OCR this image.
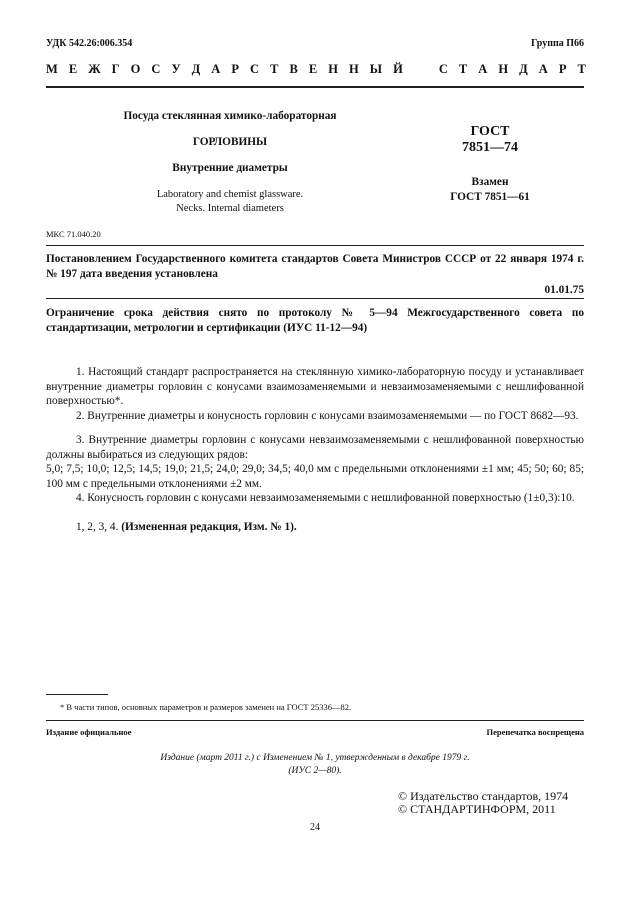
УДК 542.26:006.354	Группа П66
М Е Ж Г О С У Д А Р С Т В Е Н Н Ы Й	С Т А Н Д А Р Т
Посуда стеклянная химико-лабораторная
ГОРЛОВИНЫ
Внутренние диаметры
Laboratory and chemist glassware.
Necks. Internal diameters
ГОСТ
7851—74
Взамен
ГОСТ 7851—61
МКС 71.040.20
Постановлением Государственного комитета стандартов Совета Министров СССР от 22 января 1974 г. № 197 дата введения установлена
01.01.75
Ограничение срока действия снято по протоколу № 5—94 Межгосударственного совета по стандартизации, метрологии и сертификации (ИУС 11-12—94)
1. Настоящий стандарт распространяется на стеклянную химико-лабораторную посуду и устанавливает внутренние диаметры горловин с конусами взаимозаменяемыми и невзаимозаменяемыми с нешлифованной поверхностью*.
2. Внутренние диаметры и конусность горловин с конусами взаимозаменяемыми — по ГОСТ 8682—93.
3. Внутренние диаметры горловин с конусами невзаимозаменяемыми с нешлифованной поверхностью должны выбираться из следующих рядов:
5,0; 7,5; 10,0; 12,5; 14,5; 19,0; 21,5; 24,0; 29,0; 34,5; 40,0 мм с предельными отклонениями ±1 мм; 45; 50; 60; 85; 100 мм с предельными отклонениями ±2 мм.
4. Конусность горловин с конусами невзаимозаменяемыми с нешлифованной поверхностью (1±0,3):10.
1, 2, 3, 4. (Измененная редакция, Изм. № 1).
* В части типов, основных параметров и размеров заменен на ГОСТ 25336—82.
Издание официальное	Перепечатка воспрещена
Издание (март 2011 г.) с Изменением № 1, утвержденным в декабре 1979 г.
(ИУС 2—80).
© Издательство стандартов, 1974
© СТАНДАРТИНФОРМ, 2011
24
